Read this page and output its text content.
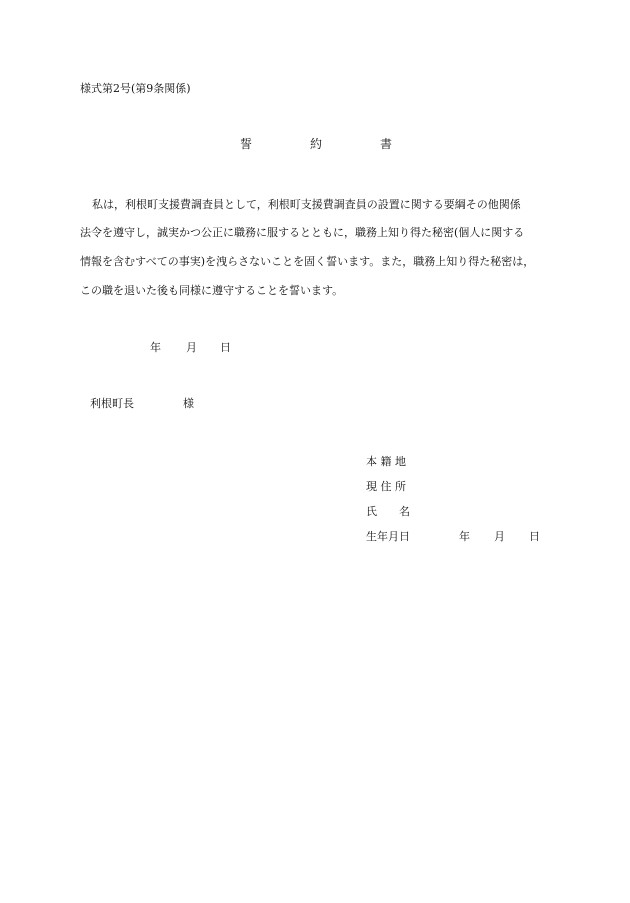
様式第2号(第9条関係)
誓	約	書
私は，利根町支援費調査員として，利根町支援費調査員の設置に関する要綱その他関係
法令を遵守し，誠実かつ公正に職務に服するとともに，職務上知り得た秘密(個人に関する
情報を含むすべての事実)を洩らさないことを固く誓います。また，職務上知り得た秘密は，
この職を退いた後も同様に遵守することを誓います。
年 月 日
利根町長	様
本 籍 地
現 住 所
氏　　名
生年月日	年 月 日
